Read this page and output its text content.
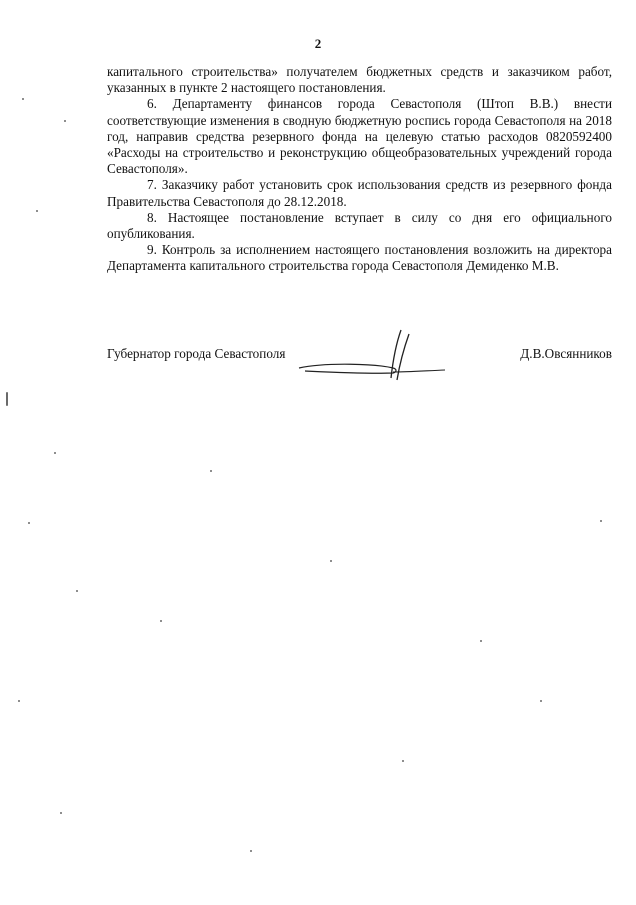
2

капитального строительства» получателем бюджетных средств и заказчиком работ, указанных в пункте 2 настоящего постановления.

6. Департаменту финансов города Севастополя (Штоп В.В.) внести соответствующие изменения в сводную бюджетную роспись города Севастополя на 2018 год, направив средства резервного фонда на целевую статью расходов 0820592400 «Расходы на строительство и реконструкцию общеобразовательных учреждений города Севастополя».

7. Заказчику работ установить срок использования средств из резервного фонда Правительства Севастополя до 28.12.2018.

8. Настоящее постановление вступает в силу со дня его официального опубликования.

9. Контроль за исполнением настоящего постановления возложить на директора Департамента капитального строительства города Севастополя Демиденко М.В.

Губернатор города Севастополя	Д.В.Овсянников
